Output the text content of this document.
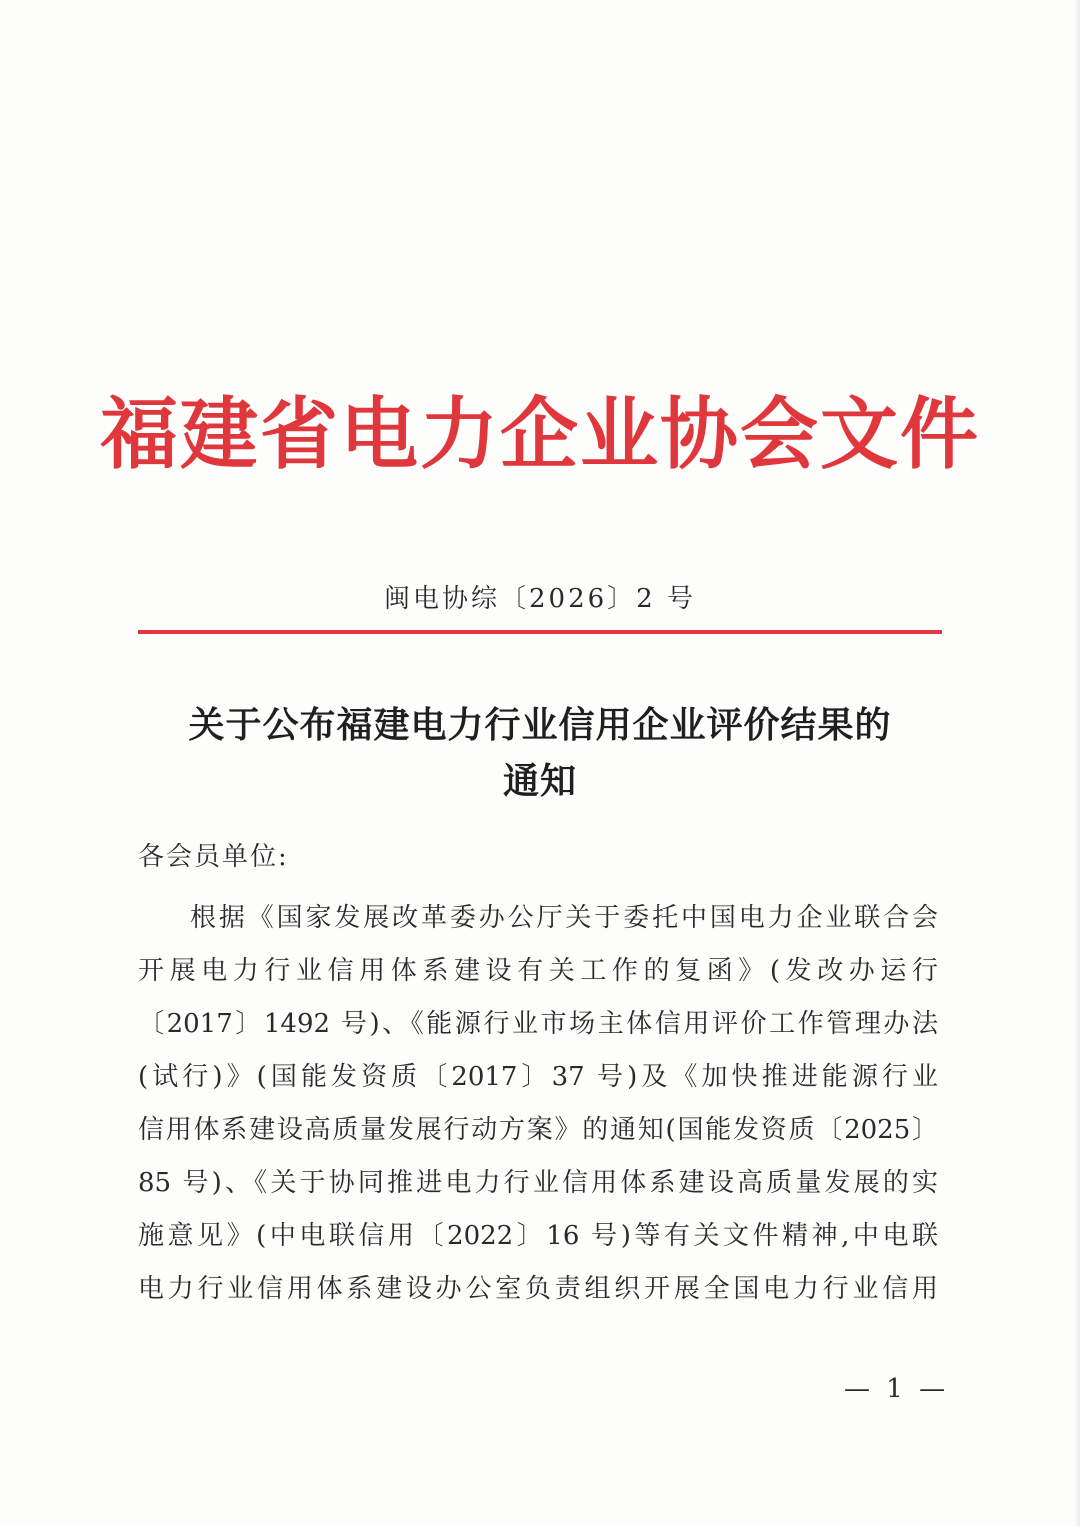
福建省电力企业协会文件
闽电协综〔2026〕2 号
关于公布福建电力行业信用企业评价结果的
通知
各会员单位:
根据《国家发展改革委办公厅关于委托中国电力企业联合会
开展电力行业信用体系建设有关工作的复函》(发改办运行
〔2017〕1492 号)、《能源行业市场主体信用评价工作管理办法
(试行)》(国能发资质〔2017〕37 号)及《加快推进能源行业
信用体系建设高质量发展行动方案》的通知(国能发资质〔2025〕
85 号)、《关于协同推进电力行业信用体系建设高质量发展的实
施意见》(中电联信用〔2022〕16 号)等有关文件精神,中电联
电力行业信用体系建设办公室负责组织开展全国电力行业信用
— 1 —
